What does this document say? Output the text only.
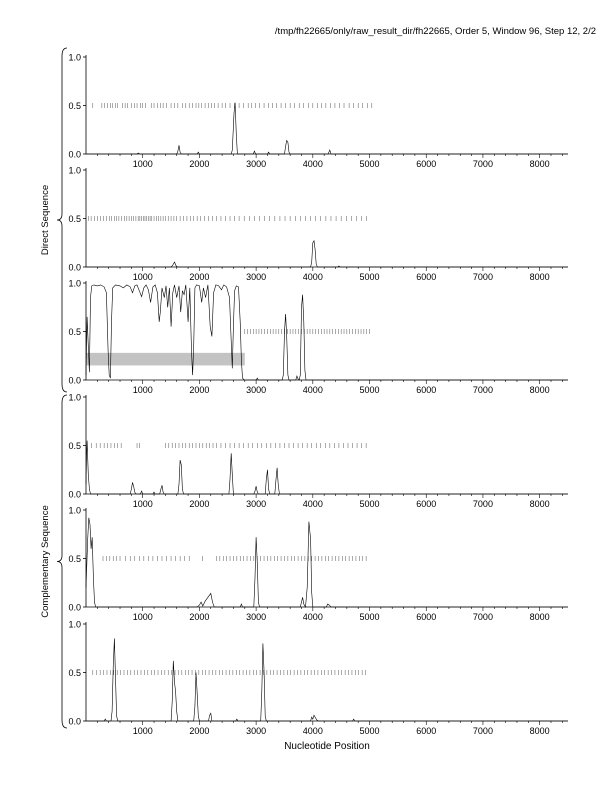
/tmp/fh22665/only/raw_result_dir/fh22665, Order 5, Window 96, Step 12, 2/2
0.0
0.5
1.0
1000	2000	3000	4000	5000	6000	7000	8000
0.0
0.5
1.0
1000	2000	3000	4000	5000	6000	7000	8000
0.0
0.5
1.0
1000	2000	3000	4000	5000	6000	7000	8000
0.0
0.5
1.0
1000	2000	3000	4000	5000	6000	7000	8000
0.0
0.5
1.0
1000	2000	3000	4000	5000	6000	7000	8000
0.0
0.5
1.0
1000	2000	3000	4000	5000	6000	7000	8000
Direct Sequence
Complementary Sequence
Nucleotide Position
